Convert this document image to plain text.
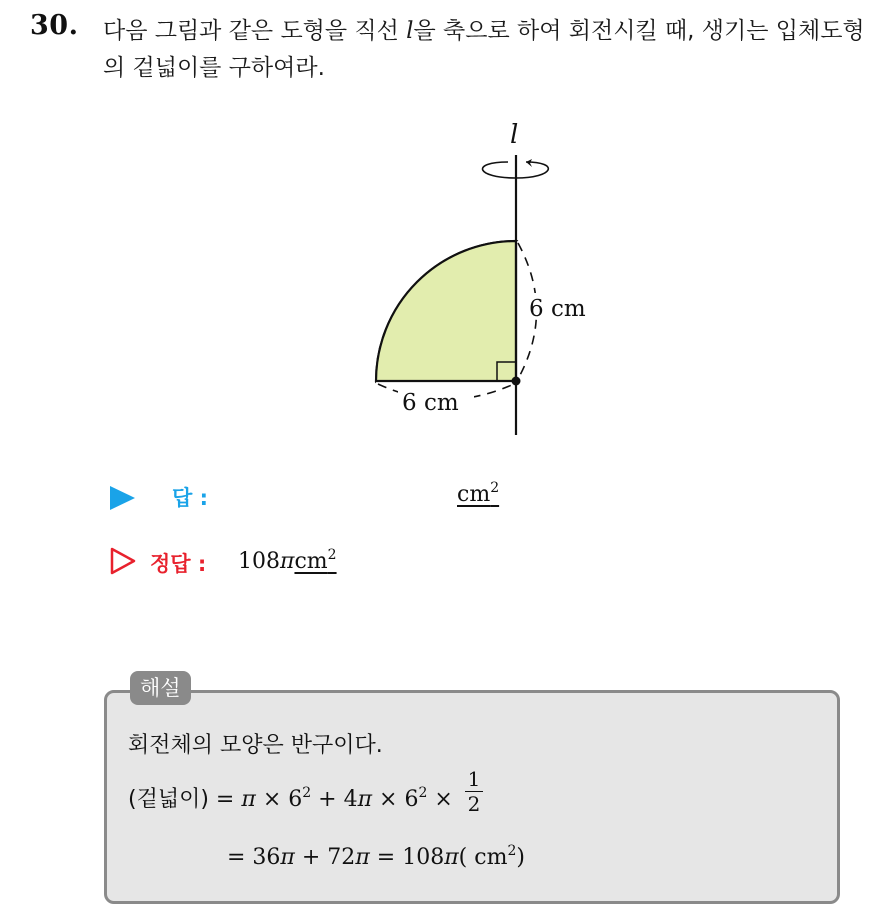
30. 다음 그림과 같은 도형을 직선 l을 축으로 하여 회전시킬 때, 생기는 입체도형의 겉넓이를 구하여라.
l
6 cm
6 cm
답 :	$cm^2$
정답 : 108πcm$^2$
해설
회전체의 모양은 반구이다.
(겉넓이) = $\pi \times 6^2 + 4\pi \times 6^2 \times \frac{1}{2}$
= 36π + 72π = 108π( $cm^2$)
